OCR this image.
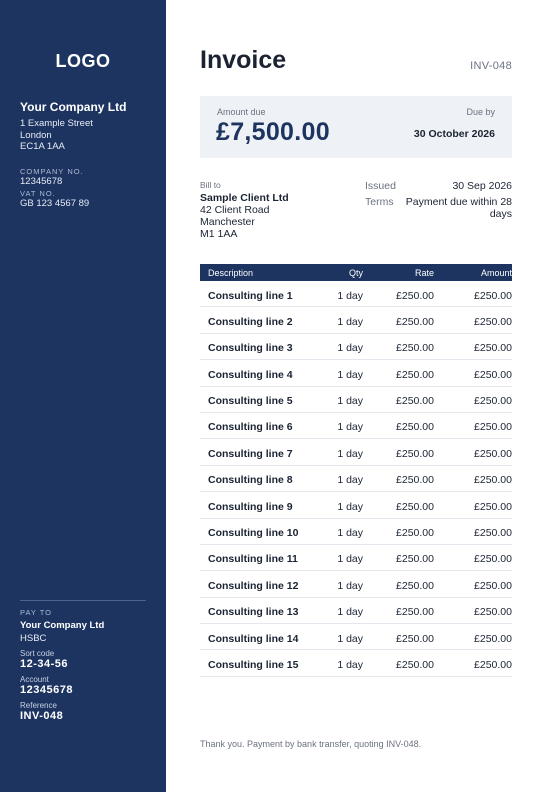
LOGO
Your Company Ltd
1 Example Street
London
EC1A 1AA
COMPANY NO.
12345678
VAT NO.
GB 123 4567 89
PAY TO
Your Company Ltd
HSBC
Sort code
12-34-56
Account
12345678
Reference
INV-048
Invoice	INV-048
Amount due
£7,500.00
Due by
30 October 2026
Bill to
Sample Client Ltd
42 Client Road
Manchester
M1 1AA
Issued	30 Sep 2026
Terms	Payment due within 28 days
Description	Qty	Rate	Amount
Consulting line 1	1 day	£250.00	£250.00
Consulting line 2	1 day	£250.00	£250.00
Consulting line 3	1 day	£250.00	£250.00
Consulting line 4	1 day	£250.00	£250.00
Consulting line 5	1 day	£250.00	£250.00
Consulting line 6	1 day	£250.00	£250.00
Consulting line 7	1 day	£250.00	£250.00
Consulting line 8	1 day	£250.00	£250.00
Consulting line 9	1 day	£250.00	£250.00
Consulting line 10	1 day	£250.00	£250.00
Consulting line 11	1 day	£250.00	£250.00
Consulting line 12	1 day	£250.00	£250.00
Consulting line 13	1 day	£250.00	£250.00
Consulting line 14	1 day	£250.00	£250.00
Consulting line 15	1 day	£250.00	£250.00
Thank you. Payment by bank transfer, quoting INV-048.
